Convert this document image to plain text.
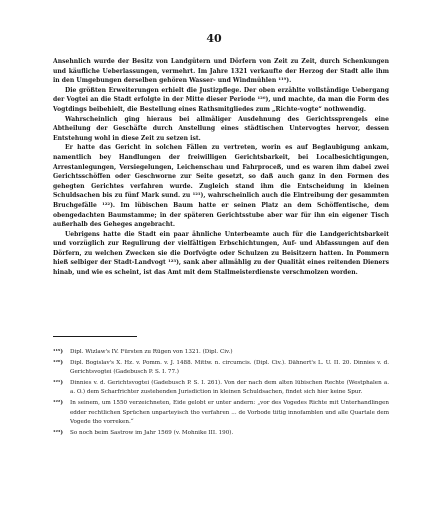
40

Ansehnlich wurde der Besitz von Landgütern und Dörfern von Zeit zu Zeit, durch Schenkungen und käufliche Ueberlassungen, vermehrt. Im Jahre 1321 verkaufte der Herzog der Stadt alle ihm in den Umgebungen derselben gehören Wasser- und Windmühlen ¹¹⁹).

Die größten Erweiterungen erhielt die Justizpflege. Der oben erzählte vollständige Uebergang der Vogtei an die Stadt erfolgte in der Mitte dieser Periode ¹²⁰), und machte, da man die Form des Vogtdings beibehielt, die Bestellung eines Rathsmitgliedes zum „Richte-vogte“ nothwendig.

Wahrscheinlich ging hieraus bei allmäliger Ausdehnung des Gerichtssprengels eine Abtheilung der Geschäfte durch Anstellung eines städtischen Untervogtes hervor, dessen Entstehung wohl in diese Zeit zu setzen ist.

Er hatte das Gericht in solchen Fällen zu vertreten, worin es auf Beglaubigung ankam, namentlich bey Handlungen der freiwilligen Gerichtsbarkeit, bei Localbesichtigungen, Arrestanlegungen, Versiegelungen, Leichenschau und Fahrproceß, und es waren ihm dabei zwei Gerichtsschöffen oder Geschworne zur Seite gesetzt, so daß auch ganz in den Formen des gehegten Gerichtes verfahren wurde. Zugleich stand ihm die Entscheidung in kleinen Schuldsachen bis zu fünf Mark sund. zu ¹²¹), wahrscheinlich auch die Eintreibung der gesammten Bruchgefälle ¹²²). Im lübischen Baum hatte er seinen Platz an dem Schöffentische, dem obengedachten Baumstamme; in der späteren Gerichtsstube aber war für ihn ein eigener Tisch außerhalb des Geheges angebracht.

Uebrigens hatte die Stadt ein paar ähnliche Unterbeamte auch für die Landgerichtsbarkeit und vorzüglich zur Regulirung der vielfältigen Erbschichtungen, Auf- und Abfassungen auf den Dörfern, zu welchen Zwecken sie die Dorfvögte oder Schulzen zu Beisitzern hatten. In Pommern hieß selbiger der Stadt-Landvogt ¹²³), sank aber allmählig zu der Qualität eines reitenden Dieners hinab, und wie es scheint, ist das Amt mit dem Stallmeisterdienste verschmolzen worden.

¹¹⁹)	Dipl. Wizlaw's IV. Fürsten zu Rügen von 1321. (Dipl. Civ.)
¹²⁰)	Dipl. Bogislav's X. Hz. v. Pomm. v. J. 1488. Mittw. n. circumcis. (Dipl. Civ.). Dähnert's L. U. II. 20. Dinnies v. d. Gerichtsvogtei (Gadebusch P. S. I. 77.)
¹²¹)	Dinnies v. d. Gerichtsvogtei (Gadebusch P. S. I. 261). Von der nach dem alten lübischen Rechte (Westphalen a. a. O.) dem Scharfrichter zustehenden Jurisdiction in kleinen Schuldsachen, findet sich hier keine Spur.
¹²²)	In seinem, um 1550 verzeichneten, Eide gelobt er unter andern: „vor des Vogedes Richte mit Unterhandlingen edder rechtlichen Sprüchen unparteyisch tho verfahren ... de Vorbode tiitig innofamblen und alle Quartale dem Vogede tho vorreken.“
¹²³)	So noch beim Sastrow im Jahr 1569 (v. Mohnike III. 190).
